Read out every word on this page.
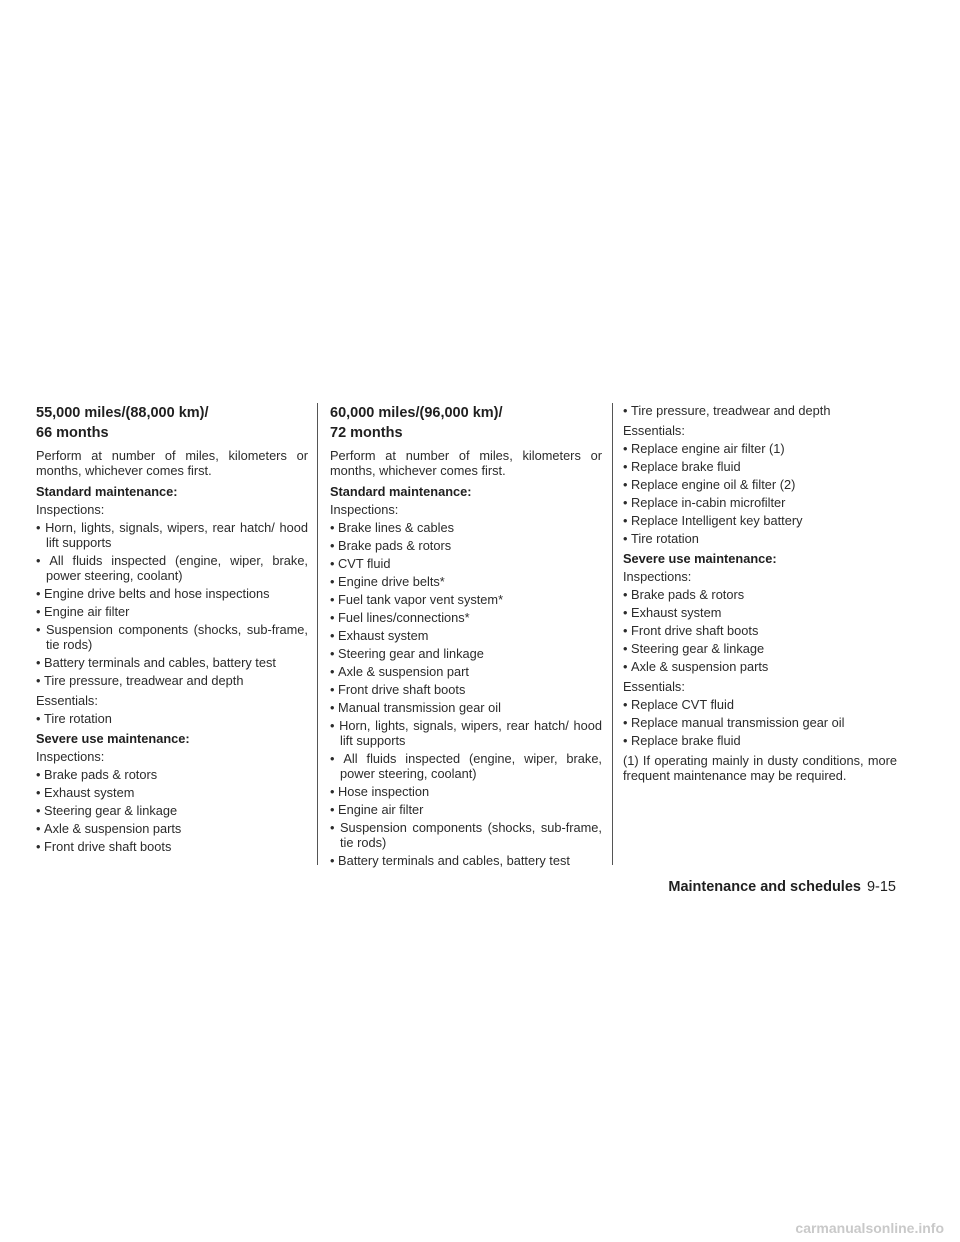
55,000 miles/(88,000 km)/
66 months

Perform at number of miles, kilometers or months, whichever comes first.

Standard maintenance:

Inspections:

• Horn, lights, signals, wipers, rear hatch/ hood lift supports
• All fluids inspected (engine, wiper, brake, power steering, coolant)
• Engine drive belts and hose inspections
• Engine air filter
• Suspension components (shocks, sub-frame, tie rods)
• Battery terminals and cables, battery test
• Tire pressure, treadwear and depth

Essentials:

• Tire rotation

Severe use maintenance:

Inspections:

• Brake pads & rotors
• Exhaust system
• Steering gear & linkage
• Axle & suspension parts
• Front drive shaft boots
60,000 miles/(96,000 km)/
72 months

Perform at number of miles, kilometers or months, whichever comes first.

Standard maintenance:

Inspections:

• Brake lines & cables
• Brake pads & rotors
• CVT fluid
• Engine drive belts*
• Fuel tank vapor vent system*
• Fuel lines/connections*
• Exhaust system
• Steering gear and linkage
• Axle & suspension part
• Front drive shaft boots
• Manual transmission gear oil
• Horn, lights, signals, wipers, rear hatch/ hood lift supports
• All fluids inspected (engine, wiper, brake, power steering, coolant)
• Hose inspection
• Engine air filter
• Suspension components (shocks, sub-frame, tie rods)
• Battery terminals and cables, battery test
• Tire pressure, treadwear and depth

Essentials:

• Replace engine air filter (1)
• Replace brake fluid
• Replace engine oil & filter (2)
• Replace in-cabin microfilter
• Replace Intelligent key battery
• Tire rotation

Severe use maintenance:

Inspections:

• Brake pads & rotors
• Exhaust system
• Front drive shaft boots
• Steering gear & linkage
• Axle & suspension parts

Essentials:

• Replace CVT fluid
• Replace manual transmission gear oil
• Replace brake fluid

(1) If operating mainly in dusty conditions, more frequent maintenance may be required.

Maintenance and schedules 9-15
carmanualsonline.info
